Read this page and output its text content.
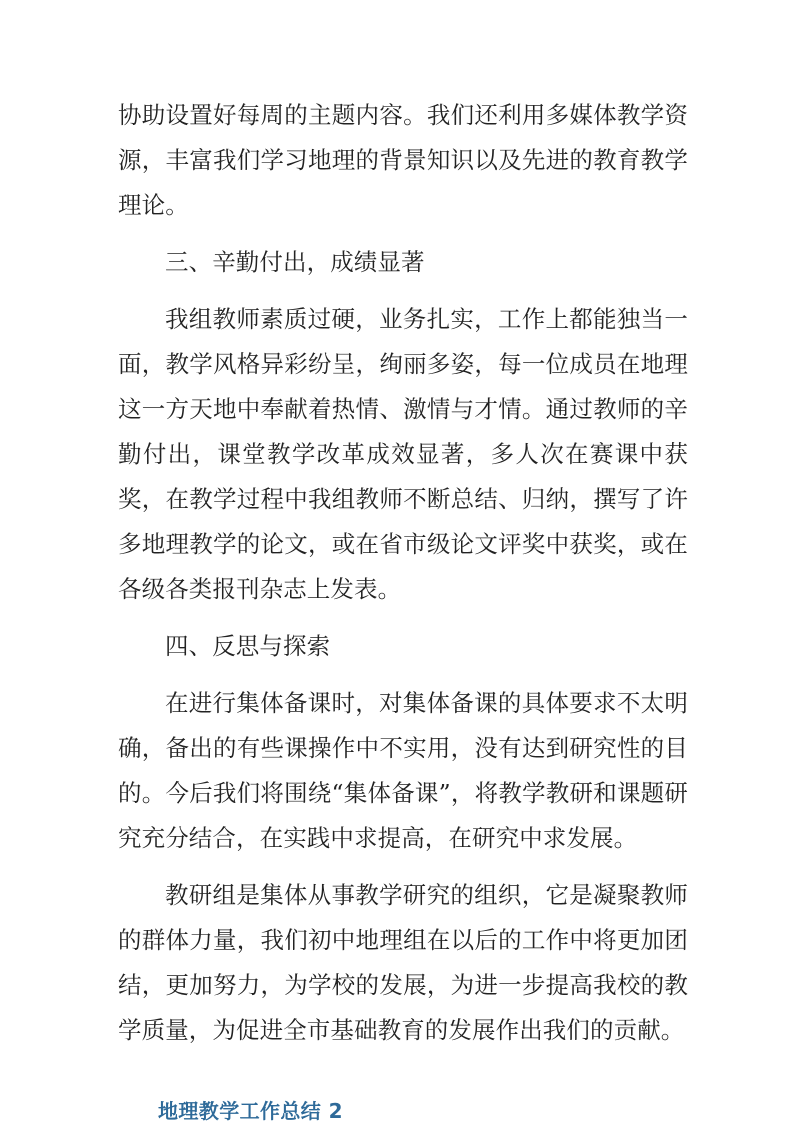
协助设置好每周的主题内容。我们还利用多媒体教学资源，丰富我们学习地理的背景知识以及先进的教育教学理论。

三、辛勤付出，成绩显著

我组教师素质过硬，业务扎实，工作上都能独当一面，教学风格异彩纷呈，绚丽多姿，每一位成员在地理这一方天地中奉献着热情、激情与才情。通过教师的辛勤付出，课堂教学改革成效显著，多人次在赛课中获奖，在教学过程中我组教师不断总结、归纳，撰写了许多地理教学的论文，或在省市级论文评奖中获奖，或在各级各类报刊杂志上发表。

四、反思与探索

在进行集体备课时，对集体备课的具体要求不太明确，备出的有些课操作中不实用，没有达到研究性的目的。今后我们将围绕“集体备课”，将教学教研和课题研究充分结合，在实践中求提高，在研究中求发展。

教研组是集体从事教学研究的组织，它是凝聚教师的群体力量，我们初中地理组在以后的工作中将更加团结，更加努力，为学校的发展，为进一步提高我校的教学质量，为促进全市基础教育的发展作出我们的贡献。

地理教学工作总结 2
